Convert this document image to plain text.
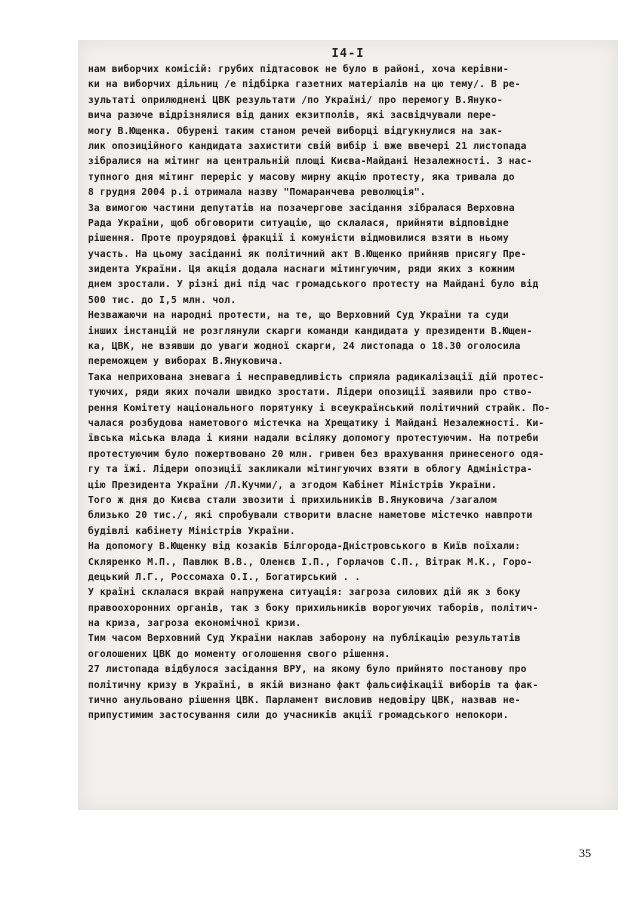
I4-I
нам виборчих комісій: грубих підтасовок не було в районі, хоча керівни-
ки на виборчих дільниц /е підбірка газетних матеріалів на цю тему/. В ре-
зультаті оприлюднені ЦВК результати /по Україні/ про перемогу В.Януко-
вича разюче відрізнялися від даних екзитполів, які засвідчували пере-
могу В.Ющенка. Обурені таким станом речей виборці відгукнулися на зак-
лик опозиційного кандидата захистити свій вибір і вже ввечері 21 листопада
зібралися на мітинг на центральній площі Києва-Майдані Незалежності. З нас-
тупного дня мітинг переріс у масову мирну акцію протесту, яка тривала до
8 грудня 2004 р.і отримала назву "Помаранчева революція".
За вимогою частини депутатів на позачергове засідання зібралася Верховна
Рада України, щоб обговорити ситуацію, що склалася, прийняти відповідне
рішення. Проте проурядові фракції і комуністи відмовилися взяти в ньому
участь. На цьому засіданні як політичний акт В.Ющенко прийняв присягу Пре-
зидента України. Ця акція додала наснаги мітингуючим, ряди яких з кожним
днем зростали. У різні дні під час громадського протесту на Майдані було від
500 тис. до I,5 млн. чол.
Незважаючи на народні протести, на те, що Верховний Суд України та суди
інших інстанцій не розглянули скарги команди кандидата у президенти В.Ющен-
ка, ЦВК, не взявши до уваги жодної скарги, 24 листопада о 18.30 оголосила
переможцем у виборах В.Януковича.
Така неприхована зневага і несправедливість сприяла радикалізації дій протес-
туючих, ряди яких почали швидко зростати. Лідери опозиції заявили про ство-
рення Комітету національного порятунку і всеукраїнський політичний страйк. По-
чалася розбудова наметового містечка на Хрещатику і Майдані Незалежності. Ки-
ївська міська влада і кияни надали всіляку допомогу протестуючим. На потреби
протестуючим було пожертвовано 20 млн. гривен без врахування принесеного одя-
гу та їжі. Лідери опозиції закликали мітингуючих взяти в облогу Адміністра-
цію Президента України /Л.Кучми/, а згодом Кабінет Міністрів України.
Того ж дня до Києва стали звозити і прихильників В.Януковича /загалом
близько 20 тис./, які спробували створити власне наметове містечко навпроти
будівлі кабінету Міністрів України.
На допомогу В.Ющенку від козаків Білгорода-Дністровського в Київ поїхали:
Скляренко М.П., Павлюк В.В., Оленєв І.П., Горлачов С.П., Вітрак М.К., Горо-
децький Л.Г., Россомаха О.І., Богатирський . .
У країні склалася вкрай напружена ситуація: загроза силових дій як з боку
правоохоронних органів, так з боку прихильників ворогуючих таборів, політич-
на криза, загроза економічної кризи.
Тим часом Верховний Суд України наклав заборону на публікацію результатів
оголошених ЦВК до моменту оголошення свого рішення.
27 листопада відбулося засідання ВРУ, на якому було прийнято постанову про
політичну кризу в Україні, в якій визнано факт фальсифікації виборів та фак-
тично анульовано рішення ЦВК. Парламент висловив недовіру ЦВК, назвав не-
припустимим застосування сили до учасників акції громадського непокори.
35
